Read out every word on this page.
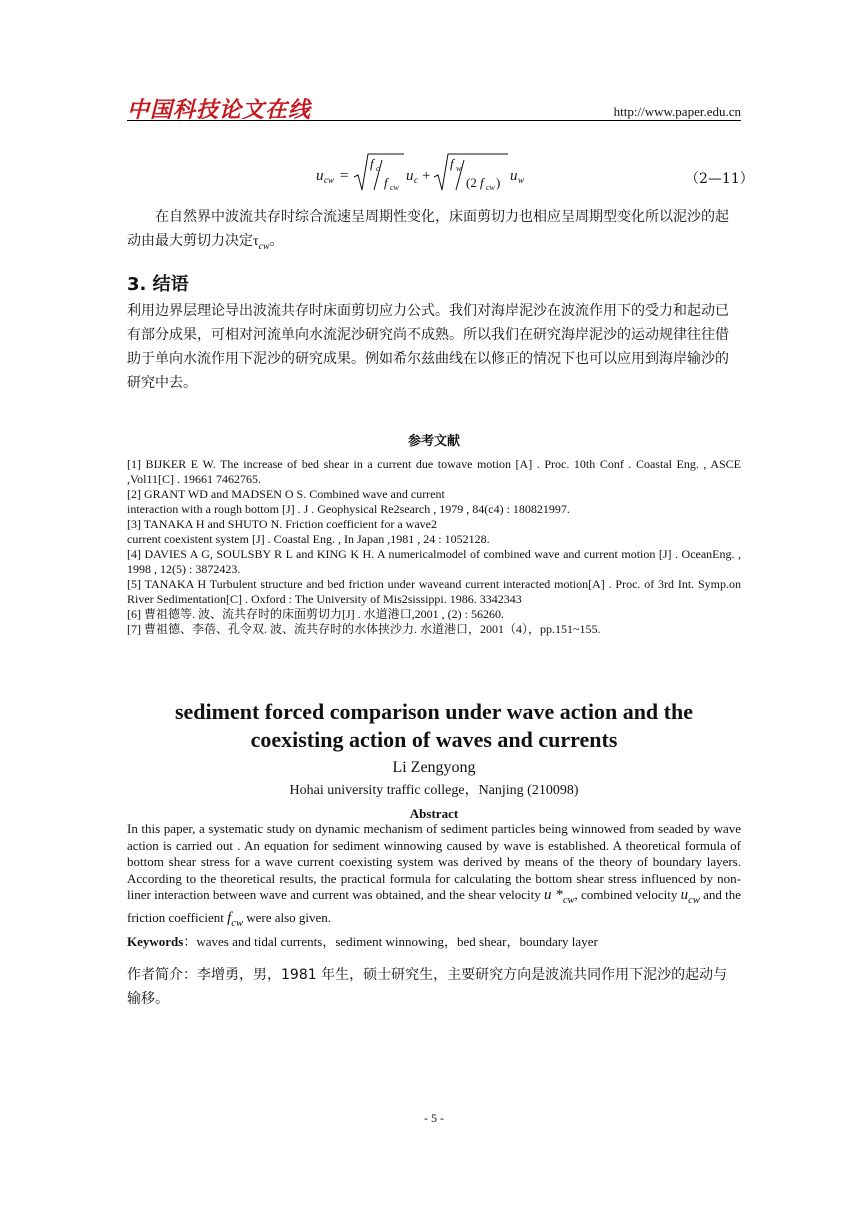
中国科技论文在线	http://www.paper.edu.cn
u cw =
f c
f cw
u c +
f w
(2 f cw ) u w	（2—11）
在自然界中波流共存时综合流速呈周期性变化，床面剪切力也相应呈周期型变化所以泥沙的起动由最大剪切力决定$\tau_{cw}$。
3. 结语
利用边界层理论导出波流共存时床面剪切应力公式。我们对海岸泥沙在波流作用下的受力和起动已有部分成果，可相对河流单向水流泥沙研究尚不成熟。所以我们在研究海岸泥沙的运动规律往往借助于单向水流作用下泥沙的研究成果。例如希尔兹曲线在以修正的情况下也可以应用到海岸输沙的研究中去。
参考文献

[1] BIJKER E W. The increase of bed shear in a current due towave motion [A] . Proc. 10th Conf . Coastal Eng. , ASCE ,Vol11[C] . 19661 7462765.

[2] GRANT WD and MADSEN O S. Combined wave and current

interaction with a rough bottom [J] . J . Geophysical Re2search , 1979 , 84(c4) : 180821997.

[3] TANAKA H and SHUTO N. Friction coefficient for a wave2

current coexistent system [J] . Coastal Eng. , In Japan ,1981 , 24 : 1052128.

[4] DAVIES A G, SOULSBY R L and KING K H. A numericalmodel of combined wave and current motion [J] . OceanEng. , 1998 , 12(5) : 3872423.

[5] TANAKA H Turbulent structure and bed friction under waveand current interacted motion[A] . Proc. of 3rd Int. Symp.on River Sedimentation[C] . Oxford : The University of Mis2sissippi. 1986. 3342343

[6] 曹祖德等. 波、流共存时的床面剪切力[J] . 水道港口,2001 , (2) : 56260.

[7] 曹祖德、李蓓、孔令双. 波、流共存时的水体挟沙力. 水道港口，2001（4），pp.151~155.

sediment forced comparison under wave action and the
coexisting action of waves and currents
Li Zengyong
Hohai university traffic college，Nanjing (210098)
Abstract
In this paper, a systematic study on dynamic mechanism of sediment particles being winnowed from seaded by wave action is carried out . An equation for sediment winnowing caused by wave is established. A theoretical formula of bottom shear stress for a wave current coexisting system was derived by means of the theory of boundary layers. According to the theoretical results, the practical formula for calculating the bottom shear stress influenced by non-liner interaction between wave and current was obtained, and the shear velocity u $*_{cw}$, combined velocity $u_{cw}$ and the friction coefficient $f_{cw}$ were also given.
Keywords：waves and tidal currents，sediment winnowing，bed shear，boundary layer
作者简介：李增勇，男，1981 年生，硕士研究生，主要研究方向是波流共同作用下泥沙的起动与输移。
- 5 -
